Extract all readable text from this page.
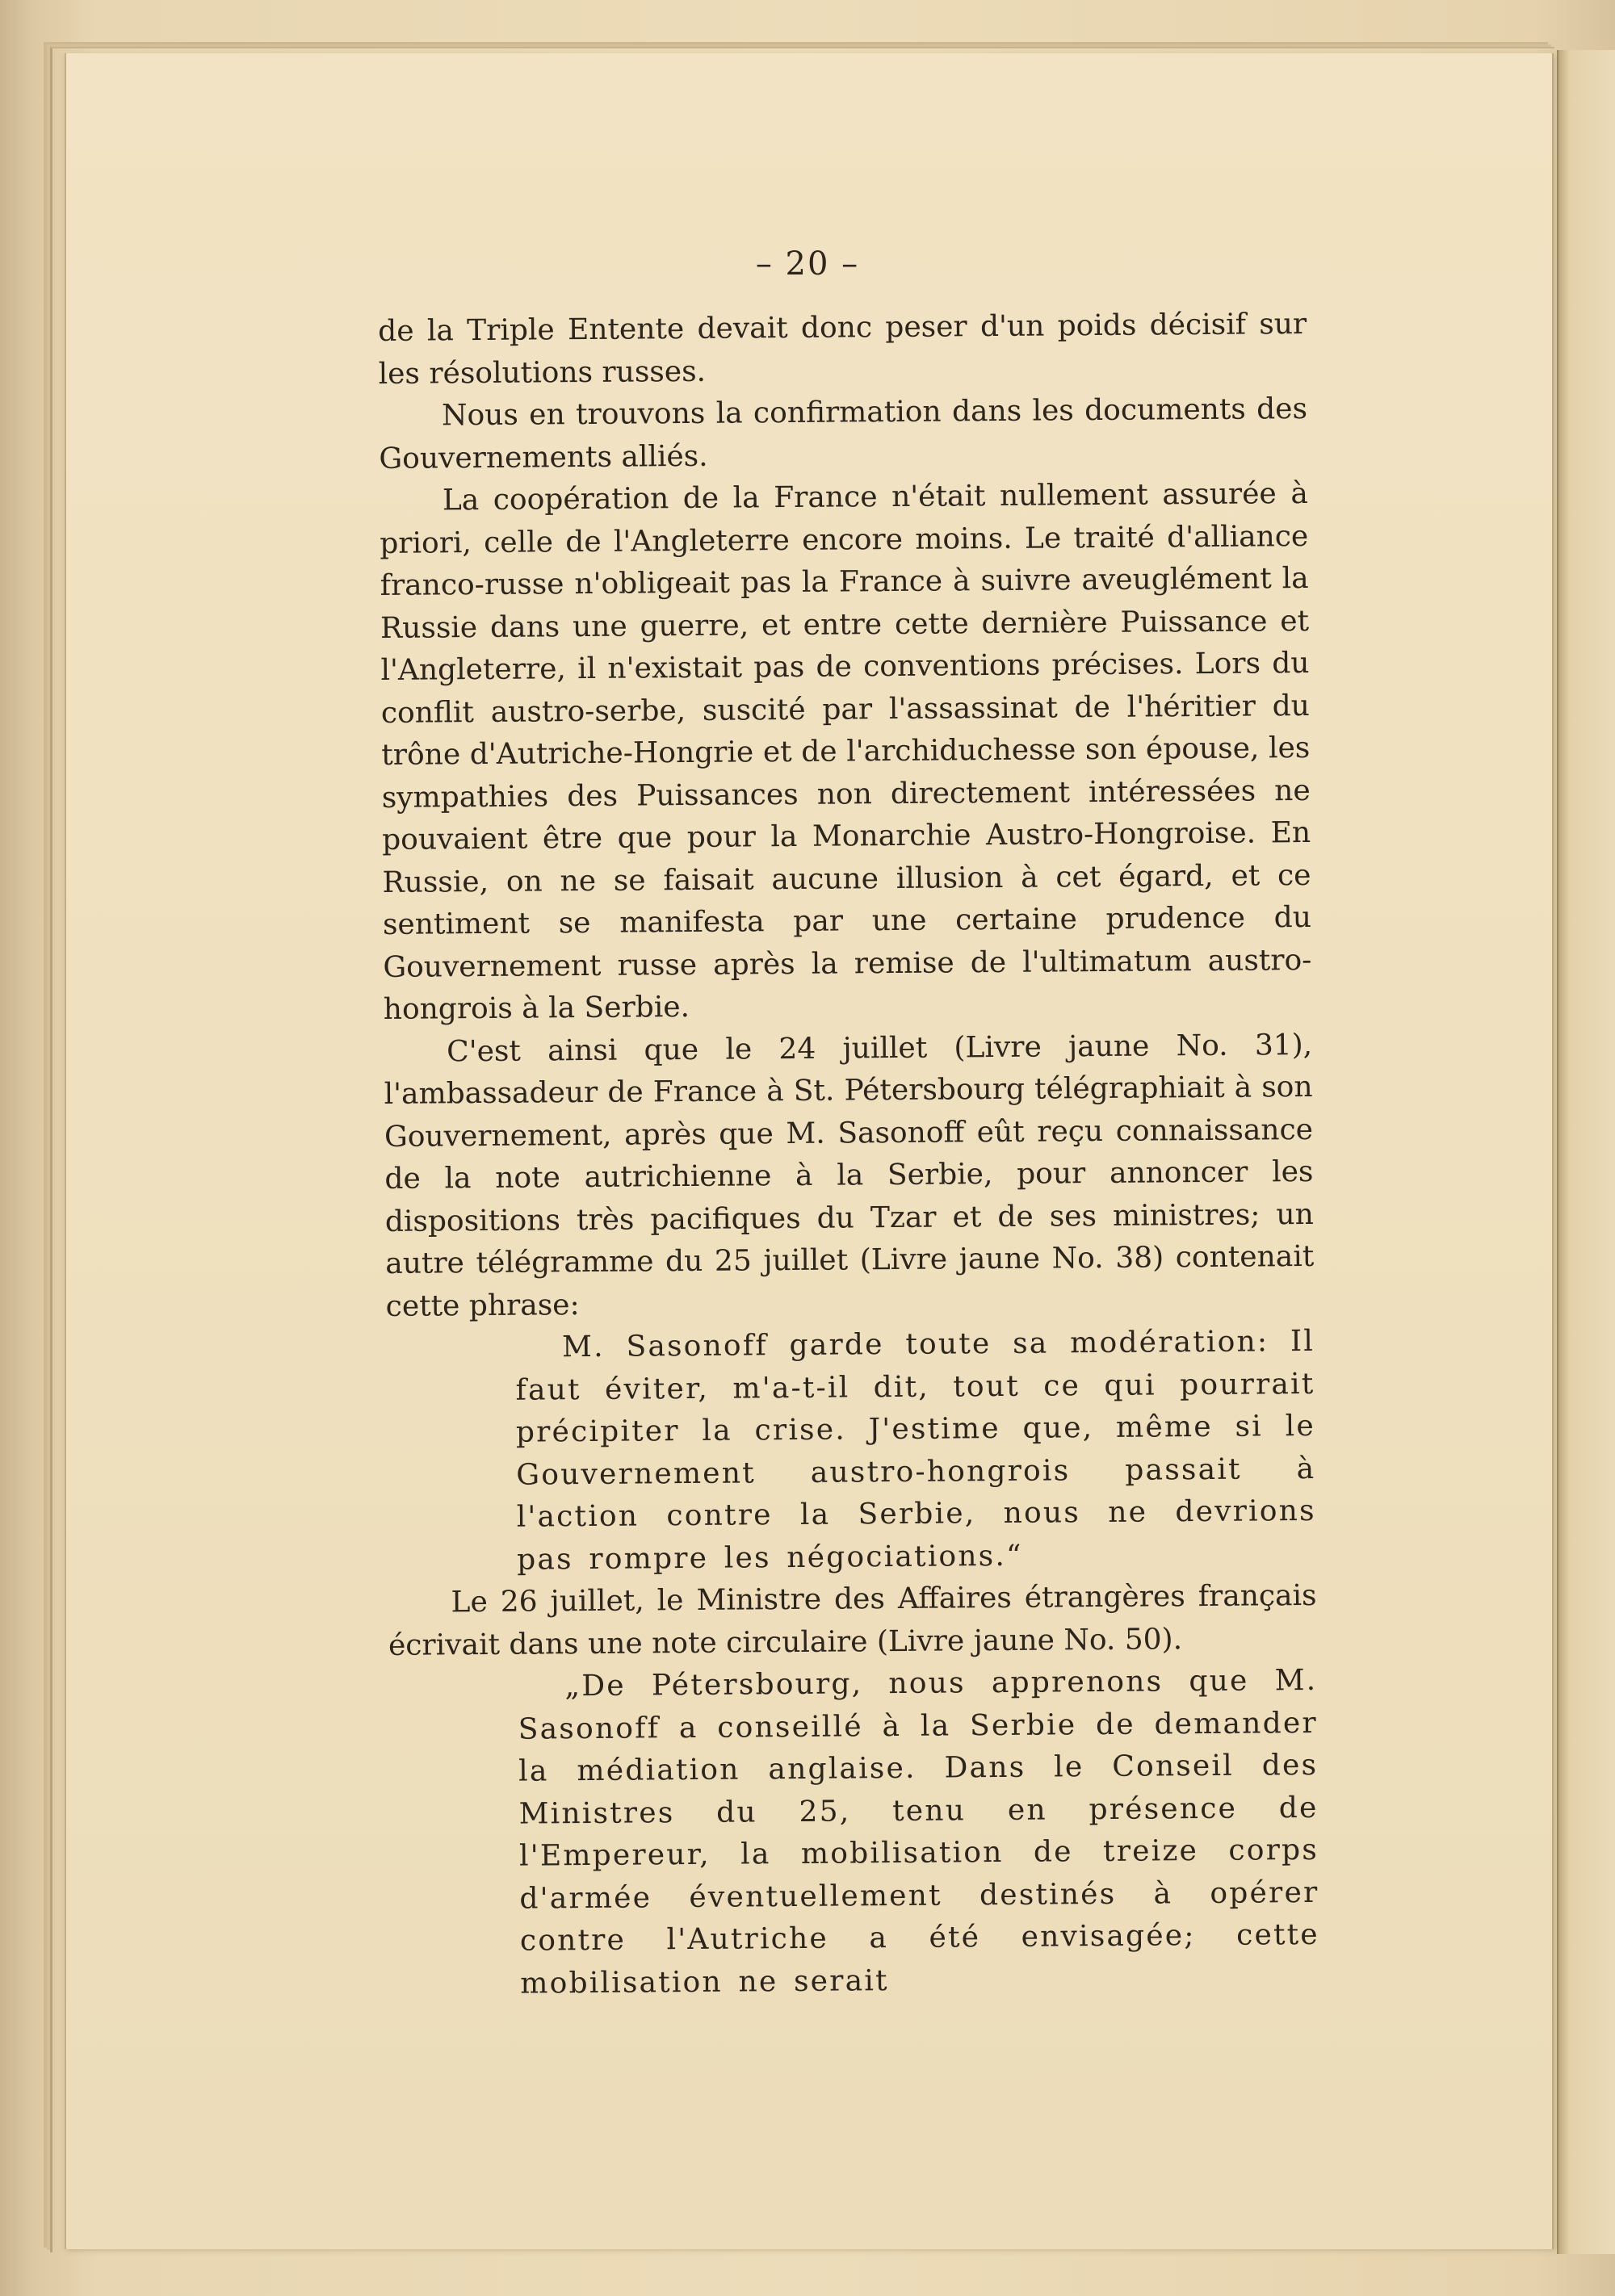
– 20 –

de la Triple Entente devait donc peser d'un poids décisif sur les résolutions russes.

Nous en trouvons la confirmation dans les documents des Gouvernements alliés.

La coopération de la France n'était nullement assurée à priori, celle de l'Angleterre encore moins. Le traité d'alliance franco-russe n'obligeait pas la France à suivre aveuglément la Russie dans une guerre, et entre cette dernière Puissance et l'Angleterre, il n'existait pas de conventions précises. Lors du conflit austro-serbe, suscité par l'assassinat de l'héritier du trône d'Autriche-Hongrie et de l'archiduchesse son épouse, les sympathies des Puissances non directement intéressées ne pouvaient être que pour la Monarchie Austro-Hongroise. En Russie, on ne se faisait aucune illusion à cet égard, et ce sentiment se manifesta par une certaine prudence du Gouvernement russe après la remise de l'ultimatum austro-hongrois à la Serbie.

C'est ainsi que le 24 juillet (Livre jaune No. 31), l'ambassadeur de France à St. Pétersbourg télégraphiait à son Gouvernement, après que M. Sasonoff eût reçu connaissance de la note autrichienne à la Serbie, pour annoncer les dispositions très pacifiques du Tzar et de ses ministres; un autre télégramme du 25 juillet (Livre jaune No. 38) contenait cette phrase:

M. Sasonoff garde toute sa modération: Il faut éviter, m'a-t-il dit, tout ce qui pourrait précipiter la crise. J'estime que, même si le Gouvernement austro-hongrois passait à l'action contre la Serbie, nous ne devrions pas rompre les négociations.“

Le 26 juillet, le Ministre des Affaires étrangères français écrivait dans une note circulaire (Livre jaune No. 50).

„De Pétersbourg, nous apprenons que M. Sasonoff a conseillé à la Serbie de demander la médiation anglaise. Dans le Conseil des Ministres du 25, tenu en présence de l'Empereur, la mobilisation de treize corps d'armée éventuellement destinés à opérer contre l'Autriche a été envisagée; cette mobilisation ne serait
